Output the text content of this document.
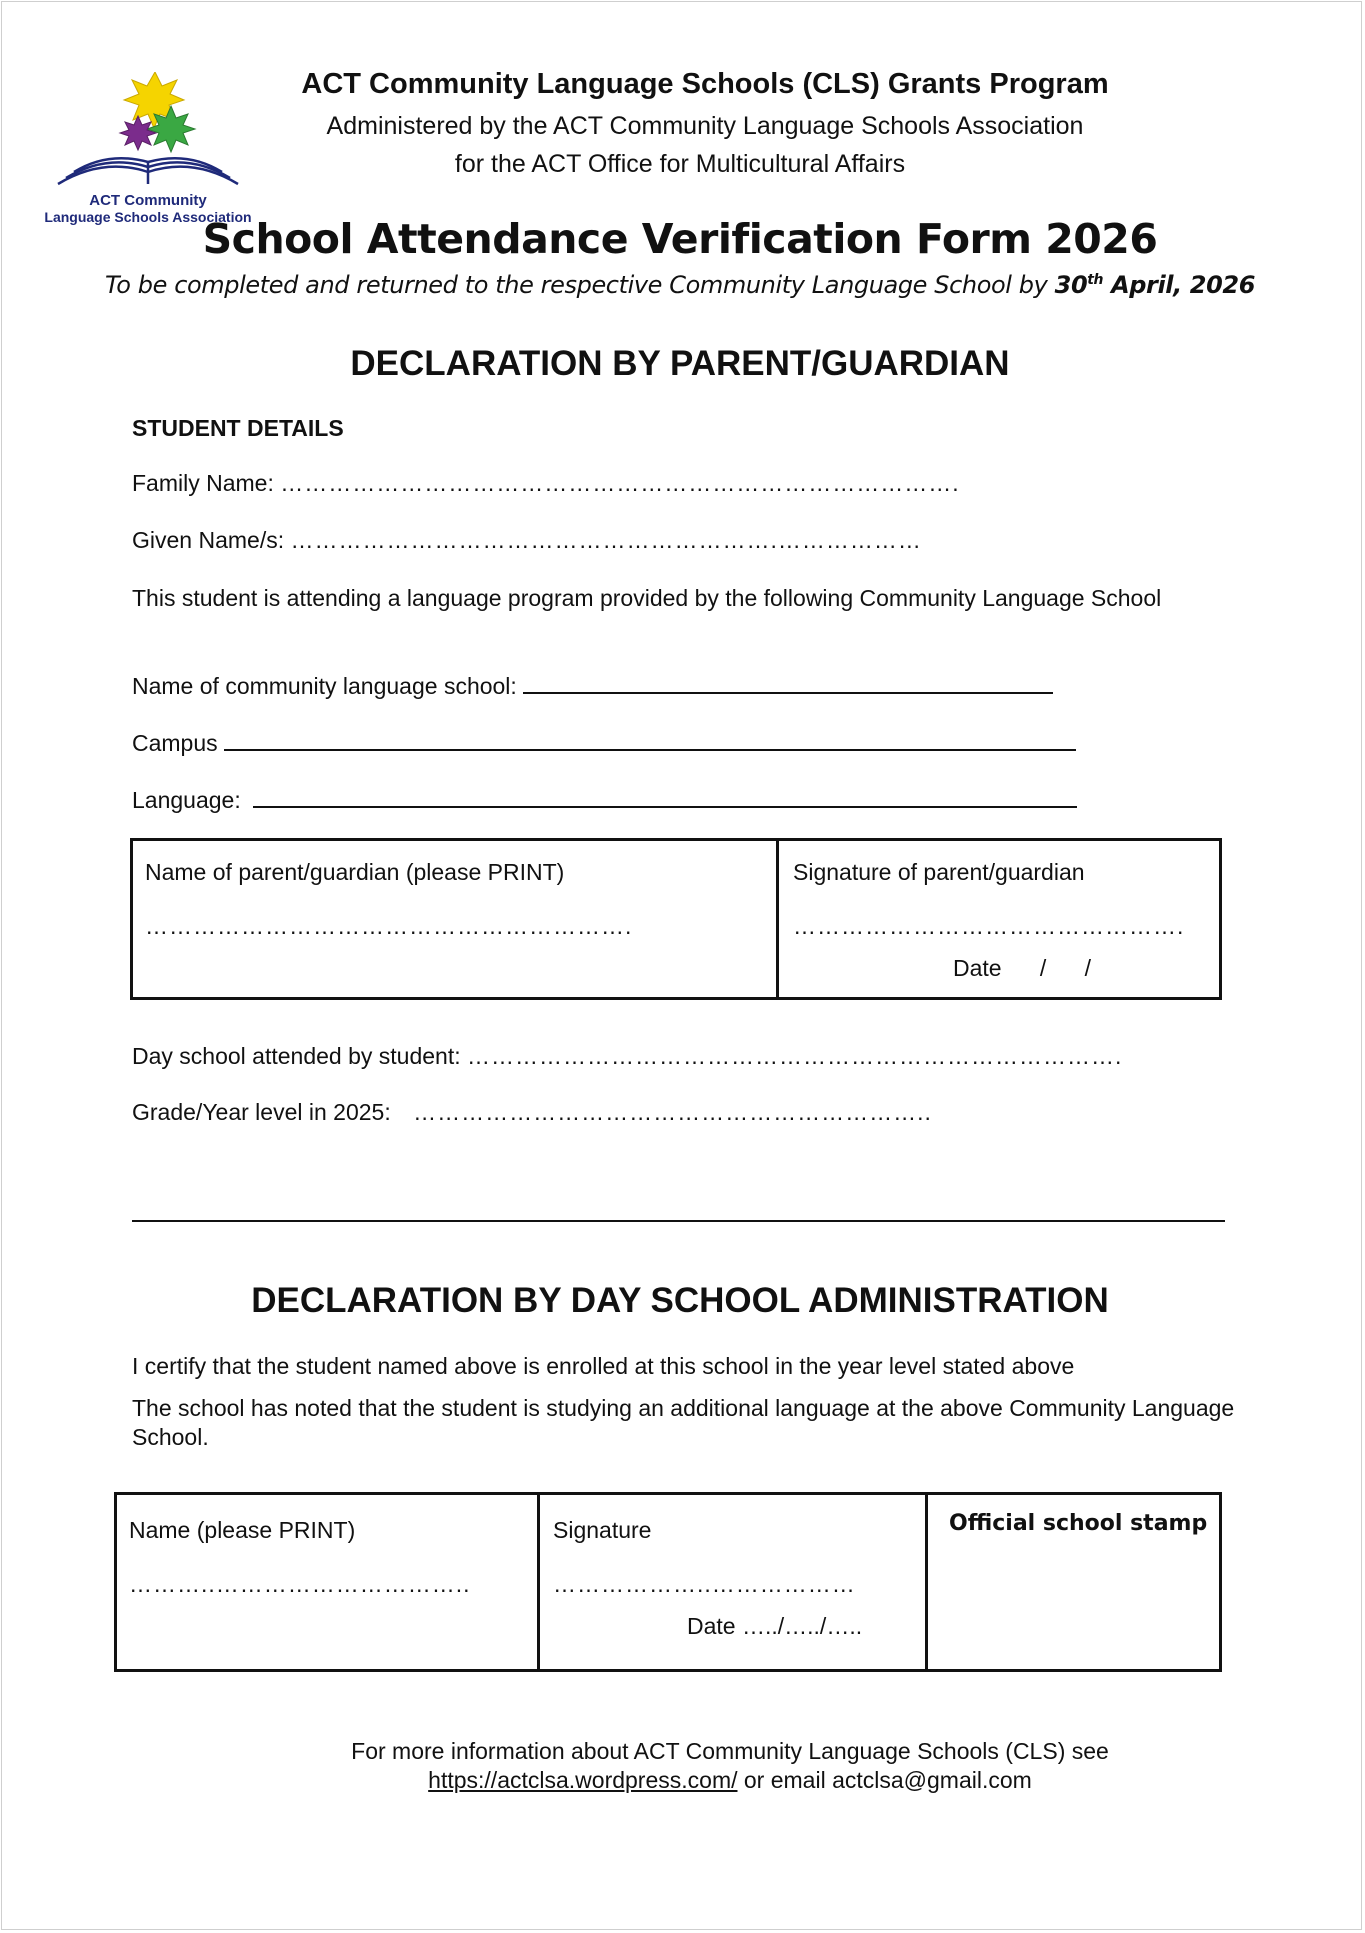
ACT Community
Language Schools Association
ACT Community Language Schools (CLS) Grants Program
Administered by the ACT Community Language Schools Association
for the ACT Office for Multicultural Affairs
School Attendance Verification Form 2026
To be completed and returned to the respective Community Language School by 30th April, 2026
DECLARATION BY PARENT/GUARDIAN
STUDENT DETAILS
Family Name: ………………………………………………………………………….
Given Name/s: …………………………………………………….………………
This student is attending a language program provided by the following Community Language School
Name of community language school:
Campus
Language:
Name of parent/guardian (please PRINT)
…………………………………………………….
Signature of parent/guardian
………………………………………….
Date      /      /
Day school attended by student: ……………………………………………………………………….
Grade/Year level in 2025: ………………………………………………………..
DECLARATION BY DAY SCHOOL ADMINISTRATION
I certify that the student named above is enrolled at this school in the year level stated above
The school has noted that the student is studying an additional language at the above Community Language School.
Name (please PRINT)
………..…………………………..
Signature
………………..………………
Date …../…../…..
Official school stamp
For more information about ACT Community Language Schools (CLS) see
https://actclsa.wordpress.com/ or email actclsa@gmail.com
